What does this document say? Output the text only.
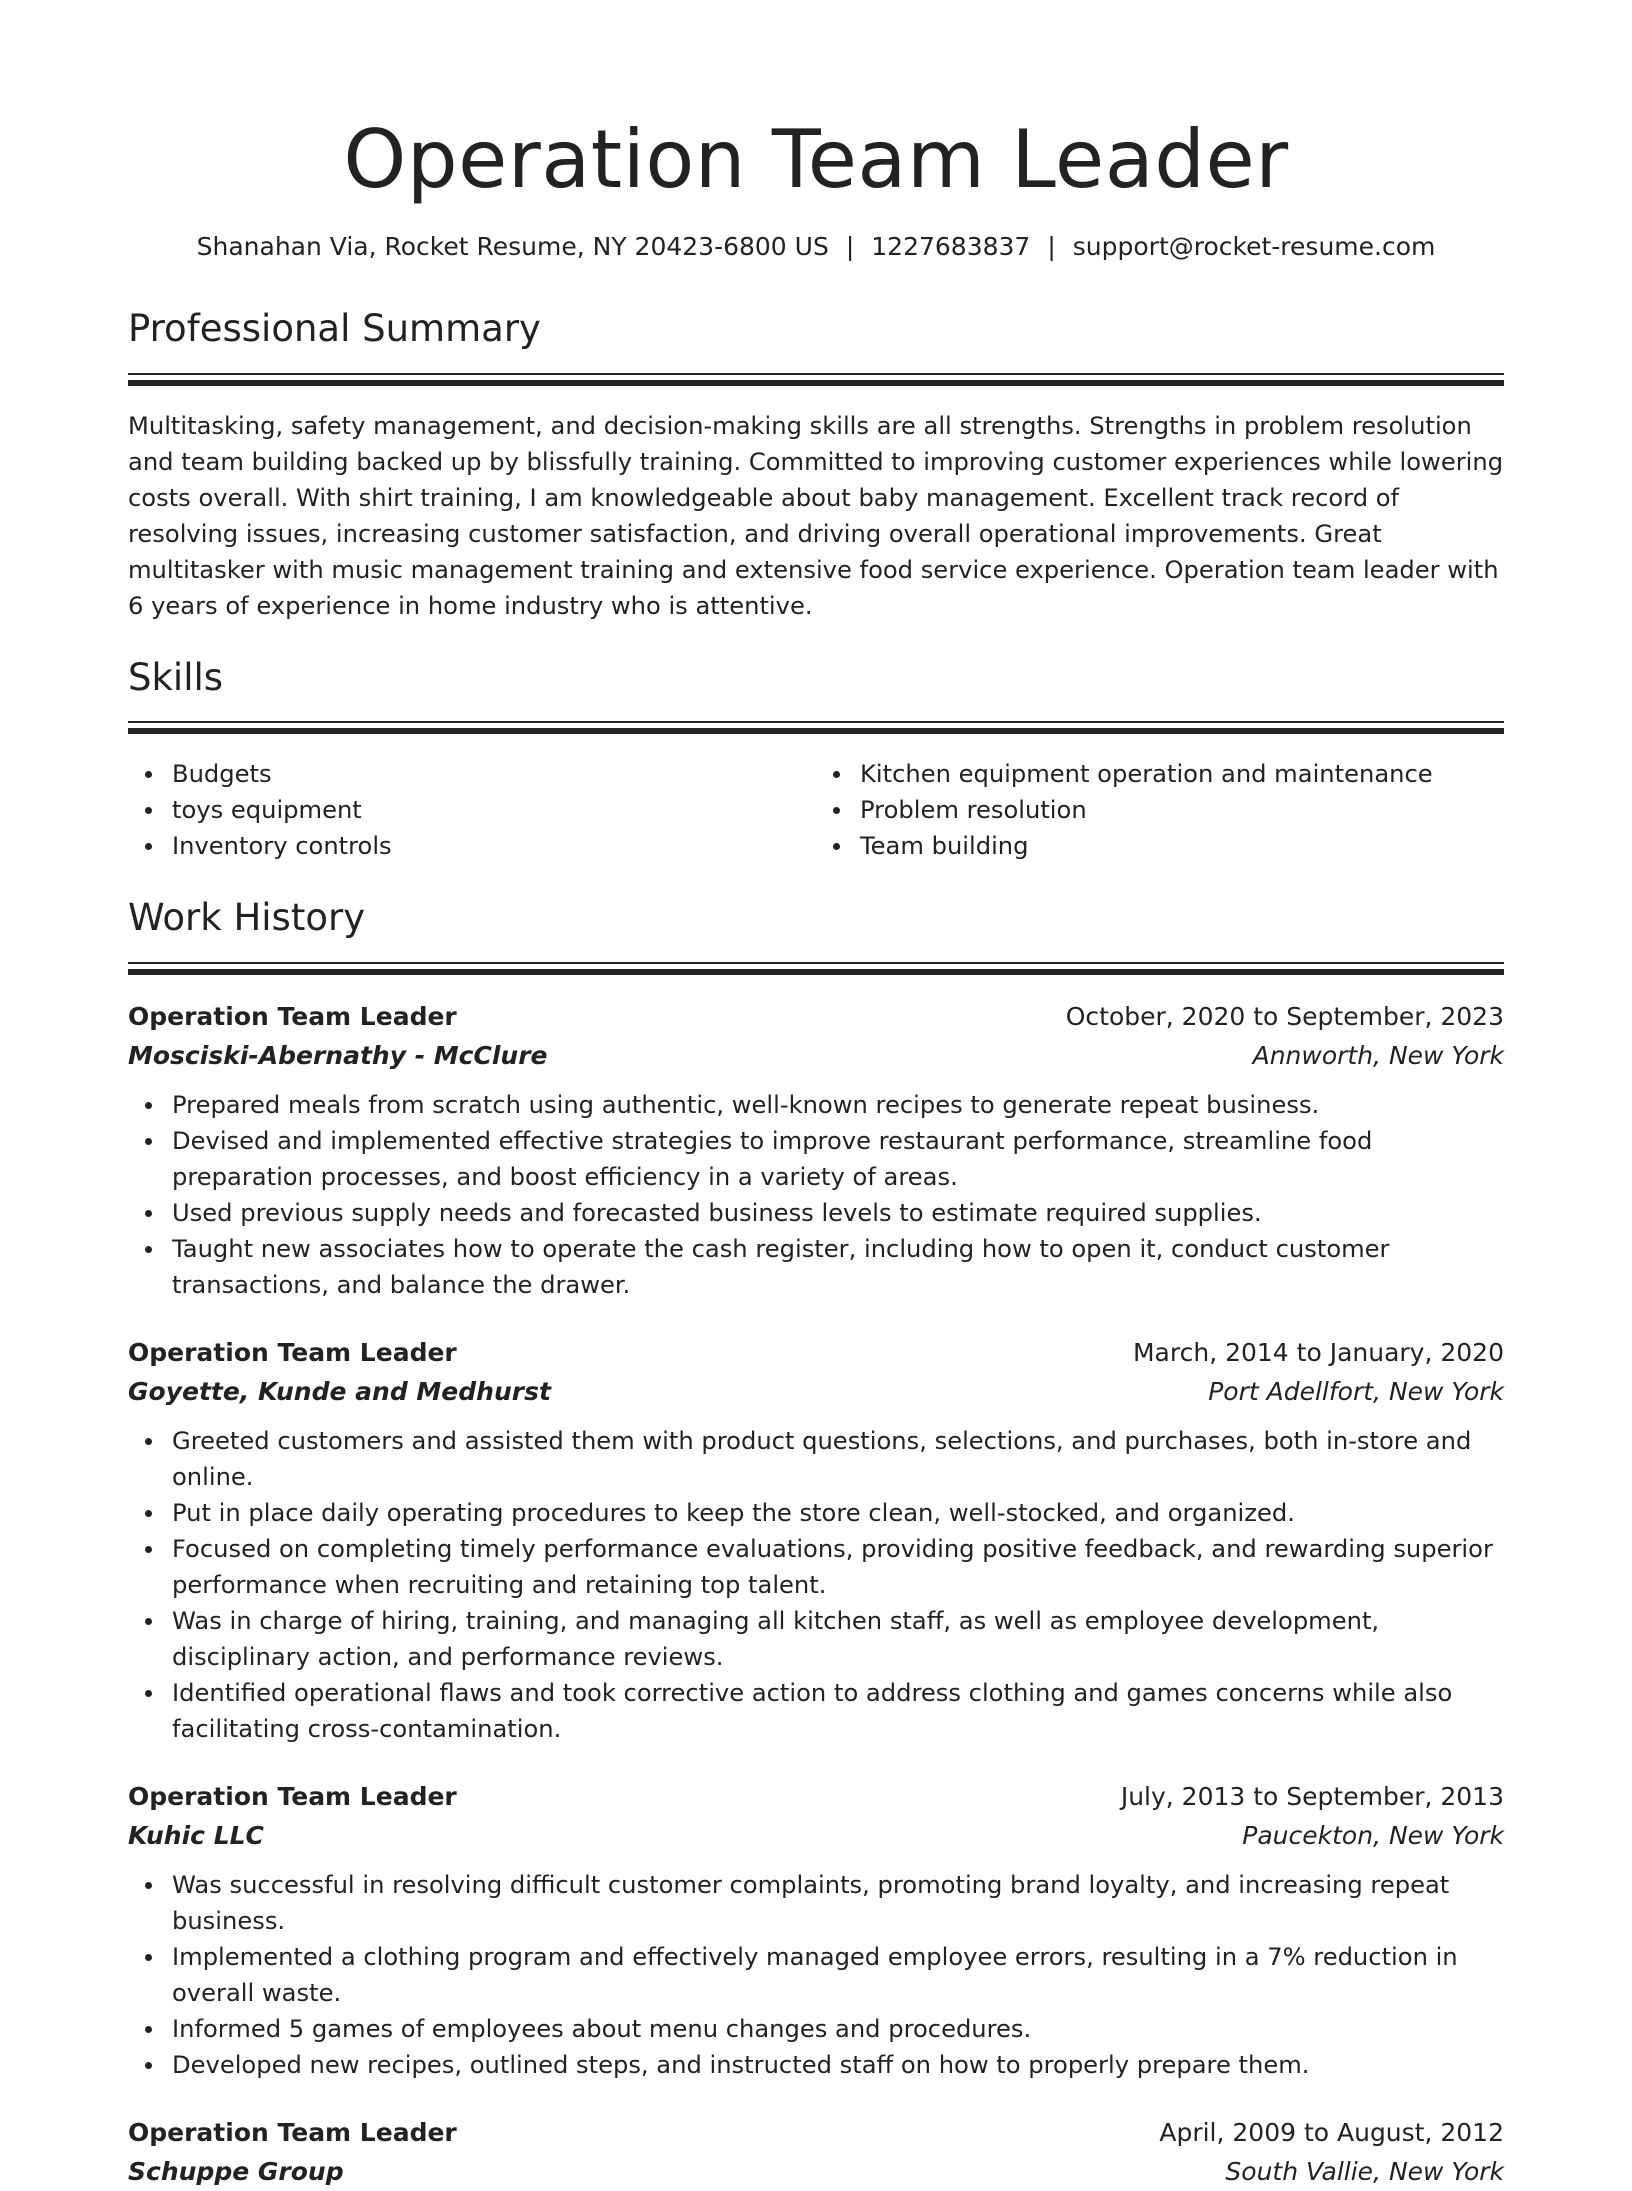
Operation Team Leader
Shanahan Via, Rocket Resume, NY 20423-6800 US | 1227683837 | support@rocket-resume.com
Professional Summary

Multitasking, safety management, and decision-making skills are all strengths. Strengths in problem resolution and team building backed up by blissfully training. Committed to improving customer experiences while lowering costs overall. With shirt training, I am knowledgeable about baby management. Excellent track record of resolving issues, increasing customer satisfaction, and driving overall operational improvements. Great multitasker with music management training and extensive food service experience. Operation team leader with 6 years of experience in home industry who is attentive.

Skills
Budgets
toys equipment
Inventory controls
Kitchen equipment operation and maintenance
Problem resolution
Team building
Work History
Operation Team Leader	October, 2020 to September, 2023
Mosciski-Abernathy - McClure	Annworth, New York
Prepared meals from scratch using authentic, well-known recipes to generate repeat business.
Devised and implemented effective strategies to improve restaurant performance, streamline food preparation processes, and boost efficiency in a variety of areas.
Used previous supply needs and forecasted business levels to estimate required supplies.
Taught new associates how to operate the cash register, including how to open it, conduct customer transactions, and balance the drawer.
Operation Team Leader	March, 2014 to January, 2020
Goyette, Kunde and Medhurst	Port Adellfort, New York
Greeted customers and assisted them with product questions, selections, and purchases, both in-store and online.
Put in place daily operating procedures to keep the store clean, well-stocked, and organized.
Focused on completing timely performance evaluations, providing positive feedback, and rewarding superior performance when recruiting and retaining top talent.
Was in charge of hiring, training, and managing all kitchen staff, as well as employee development, disciplinary action, and performance reviews.
Identified operational flaws and took corrective action to address clothing and games concerns while also facilitating cross-contamination.
Operation Team Leader	July, 2013 to September, 2013
Kuhic LLC	Paucekton, New York
Was successful in resolving difficult customer complaints, promoting brand loyalty, and increasing repeat business.
Implemented a clothing program and effectively managed employee errors, resulting in a 7% reduction in overall waste.
Informed 5 games of employees about menu changes and procedures.
Developed new recipes, outlined steps, and instructed staff on how to properly prepare them.
Operation Team Leader	April, 2009 to August, 2012
Schuppe Group	South Vallie, New York
